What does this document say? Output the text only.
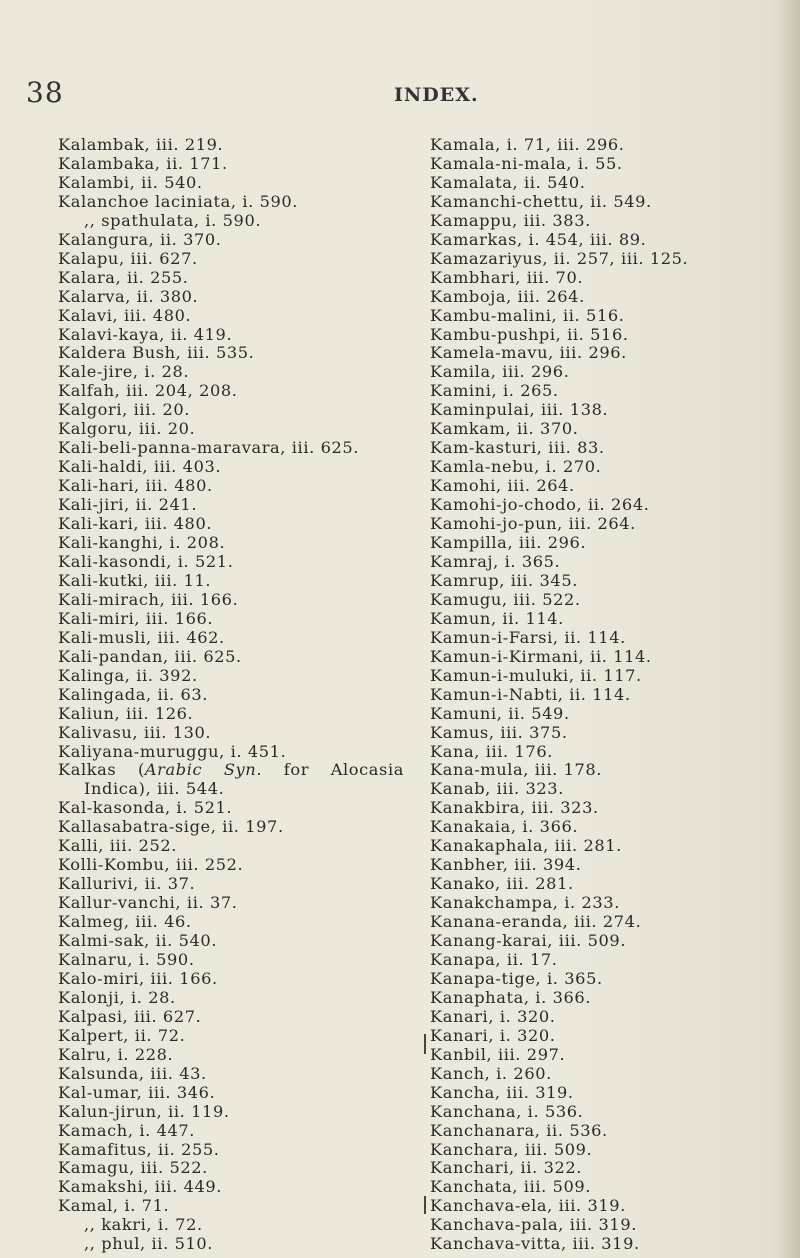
38	INDEX.
Kalambak, iii. 219.
Kalambaka, ii. 171.
Kalambi, ii. 540.
Kalanchoe laciniata, i. 590.
,, spathulata, i. 590.
Kalangura, ii. 370.
Kalapu, iii. 627.
Kalara, ii. 255.
Kalarva, ii. 380.
Kalavi, iii. 480.
Kalavi-kaya, ii. 419.
Kaldera Bush, iii. 535.
Kale-jire, i. 28.
Kalfah, iii. 204, 208.
Kalgori, iii. 20.
Kalgoru, iii. 20.
Kali-beli-panna-maravara, iii. 625.
Kali-haldi, iii. 403.
Kali-hari, iii. 480.
Kali-jiri, ii. 241.
Kali-kari, iii. 480.
Kali-kanghi, i. 208.
Kali-kasondi, i. 521.
Kali-kutki, iii. 11.
Kali-mirach, iii. 166.
Kali-miri, iii. 166.
Kali-musli, iii. 462.
Kali-pandan, iii. 625.
Kalinga, ii. 392.
Kalingada, ii. 63.
Kaliun, iii. 126.
Kalivasu, iii. 130.
Kaliyana-muruggu, i. 451.
Kalkas (Arabic Syn. for Alocasia
Indica), iii. 544.
Kal-kasonda, i. 521.
Kallasabatra-sige, ii. 197.
Kalli, iii. 252.
Kolli-Kombu, iii. 252.
Kallurivi, ii. 37.
Kallur-vanchi, ii. 37.
Kalmeg, iii. 46.
Kalmi-sak, ii. 540.
Kalnaru, i. 590.
Kalo-miri, iii. 166.
Kalonji, i. 28.
Kalpasi, iii. 627.
Kalpert, ii. 72.
Kalru, i. 228.
Kalsunda, iii. 43.
Kal-umar, iii. 346.
Kalun-jirun, ii. 119.
Kamach, i. 447.
Kamafitus, ii. 255.
Kamagu, iii. 522.
Kamakshi, iii. 449.
Kamal, i. 71.
,, kakri, i. 72.
,, phul, ii. 510.
Kamala, i. 71, iii. 296.
Kamala-ni-mala, i. 55.
Kamalata, ii. 540.
Kamanchi-chettu, ii. 549.
Kamappu, iii. 383.
Kamarkas, i. 454, iii. 89.
Kamazariyus, ii. 257, iii. 125.
Kambhari, iii. 70.
Kamboja, iii. 264.
Kambu-malini, ii. 516.
Kambu-pushpi, ii. 516.
Kamela-mavu, iii. 296.
Kamila, iii. 296.
Kamini, i. 265.
Kaminpulai, iii. 138.
Kamkam, ii. 370.
Kam-kasturi, iii. 83.
Kamla-nebu, i. 270.
Kamohi, iii. 264.
Kamohi-jo-chodo, ii. 264.
Kamohi-jo-pun, iii. 264.
Kampilla, iii. 296.
Kamraj, i. 365.
Kamrup, iii. 345.
Kamugu, iii. 522.
Kamun, ii. 114.
Kamun-i-Farsi, ii. 114.
Kamun-i-Kirmani, ii. 114.
Kamun-i-muluki, ii. 117.
Kamun-i-Nabti, ii. 114.
Kamuni, ii. 549.
Kamus, iii. 375.
Kana, iii. 176.
Kana-mula, iii. 178.
Kanab, iii. 323.
Kanakbira, iii. 323.
Kanakaia, i. 366.
Kanakaphala, iii. 281.
Kanbher, iii. 394.
Kanako, iii. 281.
Kanakchampa, i. 233.
Kanana-eranda, iii. 274.
Kanang-karai, iii. 509.
Kanapa, ii. 17.
Kanapa-tige, i. 365.
Kanaphata, i. 366.
Kanari, i. 320.
Kanari, i. 320.
Kanbil, iii. 297.
Kanch, i. 260.
Kancha, iii. 319.
Kanchana, i. 536.
Kanchanara, ii. 536.
Kanchara, iii. 509.
Kanchari, ii. 322.
Kanchata, iii. 509.
Kanchava-ela, iii. 319.
Kanchava-pala, iii. 319.
Kanchava-vitta, iii. 319.
